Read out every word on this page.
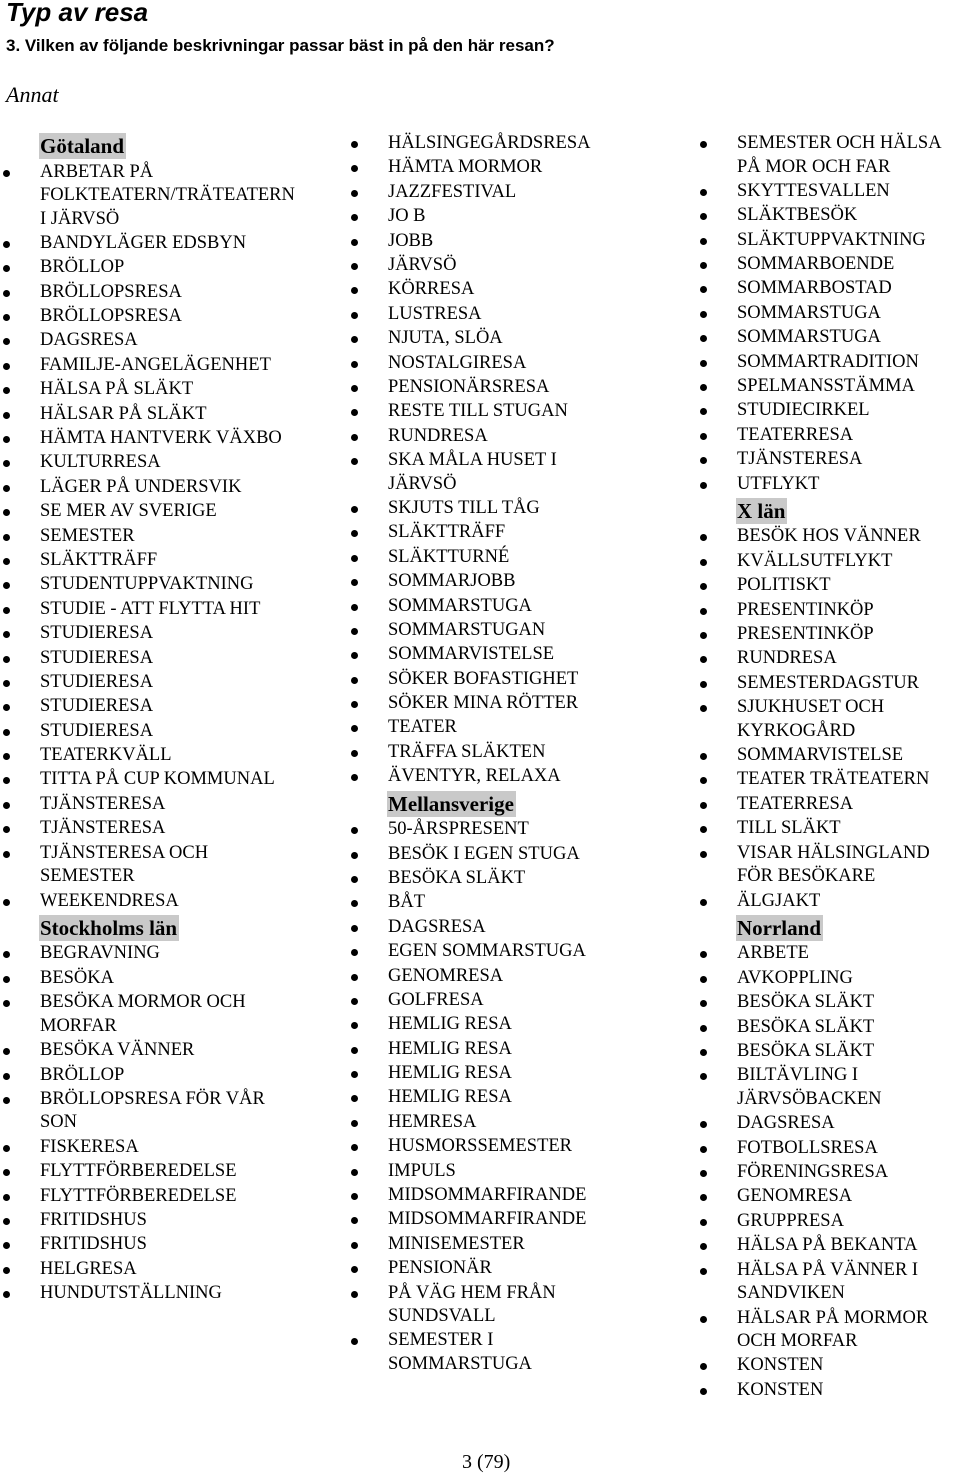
Typ av resa

3. Vilken av följande beskrivningar passar bäst in på den här resan?

Annat

Götaland
ARBETAR PÅ FOLKTEATERN/TRÄTEATERN I JÄRVSÖ
BANDYLÄGER EDSBYN
BRÖLLOP
BRÖLLOPSRESA
BRÖLLOPSRESA
DAGSRESA
FAMILJE-ANGELÄGENHET
HÄLSA PÅ SLÄKT
HÄLSAR PÅ SLÄKT
HÄMTA HANTVERK VÄXBO
KULTURRESA
LÄGER PÅ UNDERSVIK
SE MER AV SVERIGE
SEMESTER
SLÄKTTRÄFF
STUDENTUPPVAKTNING
STUDIE - ATT FLYTTA HIT
STUDIERESA
STUDIERESA
STUDIERESA
STUDIERESA
STUDIERESA
TEATERKVÄLL
TITTA PÅ CUP KOMMUNAL
TJÄNSTERESA
TJÄNSTERESA
TJÄNSTERESA OCH SEMESTER
WEEKENDRESA
Stockholms län
BEGRAVNING
BESÖKA
BESÖKA MORMOR OCH MORFAR
BESÖKA VÄNNER
BRÖLLOP
BRÖLLOPSRESA FÖR VÅR SON
FISKERESA
FLYTTFÖRBEREDELSE
FLYTTFÖRBEREDELSE
FRITIDSHUS
FRITIDSHUS
HELGRESA
HUNDUTSTÄLLNING
HÄLSINGEGÅRDSRESA
HÄMTA MORMOR
JAZZFESTIVAL
JO B
JOBB
JÄRVSÖ
KÖRRESA
LUSTRESA
NJUTA, SLÖA
NOSTALGIRESA
PENSIONÄRSRESA
RESTE TILL STUGAN
RUNDRESA
SKA MÅLA HUSET I JÄRVSÖ
SKJUTS TILL TÅG
SLÄKTTRÄFF
SLÄKTTURNÉ
SOMMARJOBB
SOMMARSTUGA
SOMMARSTUGAN
SOMMARVISTELSE
SÖKER BOFASTIGHET
SÖKER MINA RÖTTER
TEATER
TRÄFFA SLÄKTEN
ÄVENTYR, RELAXA
Mellansverige
50-ÅRSPRESENT
BESÖK I EGEN STUGA
BESÖKA SLÄKT
BÅT
DAGSRESA
EGEN SOMMARSTUGA
GENOMRESA
GOLFRESA
HEMLIG RESA
HEMLIG RESA
HEMLIG RESA
HEMLIG RESA
HEMRESA
HUSMORSSEMESTER
IMPULS
MIDSOMMARFIRANDE
MIDSOMMARFIRANDE
MINISEMESTER
PENSIONÄR
PÅ VÄG HEM FRÅN SUNDSVALL
SEMESTER I SOMMARSTUGA
SEMESTER OCH HÄLSA PÅ MOR OCH FAR
SKYTTESVALLEN
SLÄKTBESÖK
SLÄKTUPPVAKTNING
SOMMARBOENDE
SOMMARBOSTAD
SOMMARSTUGA
SOMMARSTUGA
SOMMARTRADITION
SPELMANSSTÄMMA
STUDIECIRKEL
TEATERRESA
TJÄNSTERESA
UTFLYKT
X län
BESÖK HOS VÄNNER
KVÄLLSUTFLYKT
POLITISKT
PRESENTINKÖP
PRESENTINKÖP
RUNDRESA
SEMESTERDAGSTUR
SJUKHUSET OCH KYRKOGÅRD
SOMMARVISTELSE
TEATER TRÄTEATERN
TEATERRESA
TILL SLÄKT
VISAR HÄLSINGLAND FÖR BESÖKARE
ÄLGJAKT
Norrland
ARBETE
AVKOPPLING
BESÖKA SLÄKT
BESÖKA SLÄKT
BESÖKA SLÄKT
BILTÄVLING I JÄRVSÖBACKEN
DAGSRESA
FOTBOLLSRESA
FÖRENINGSRESA
GENOMRESA
GRUPPRESA
HÄLSA PÅ BEKANTA
HÄLSA PÅ VÄNNER I SANDVIKEN
HÄLSAR PÅ MORMOR OCH MORFAR
KONSTEN
KONSTEN

3 (79)
